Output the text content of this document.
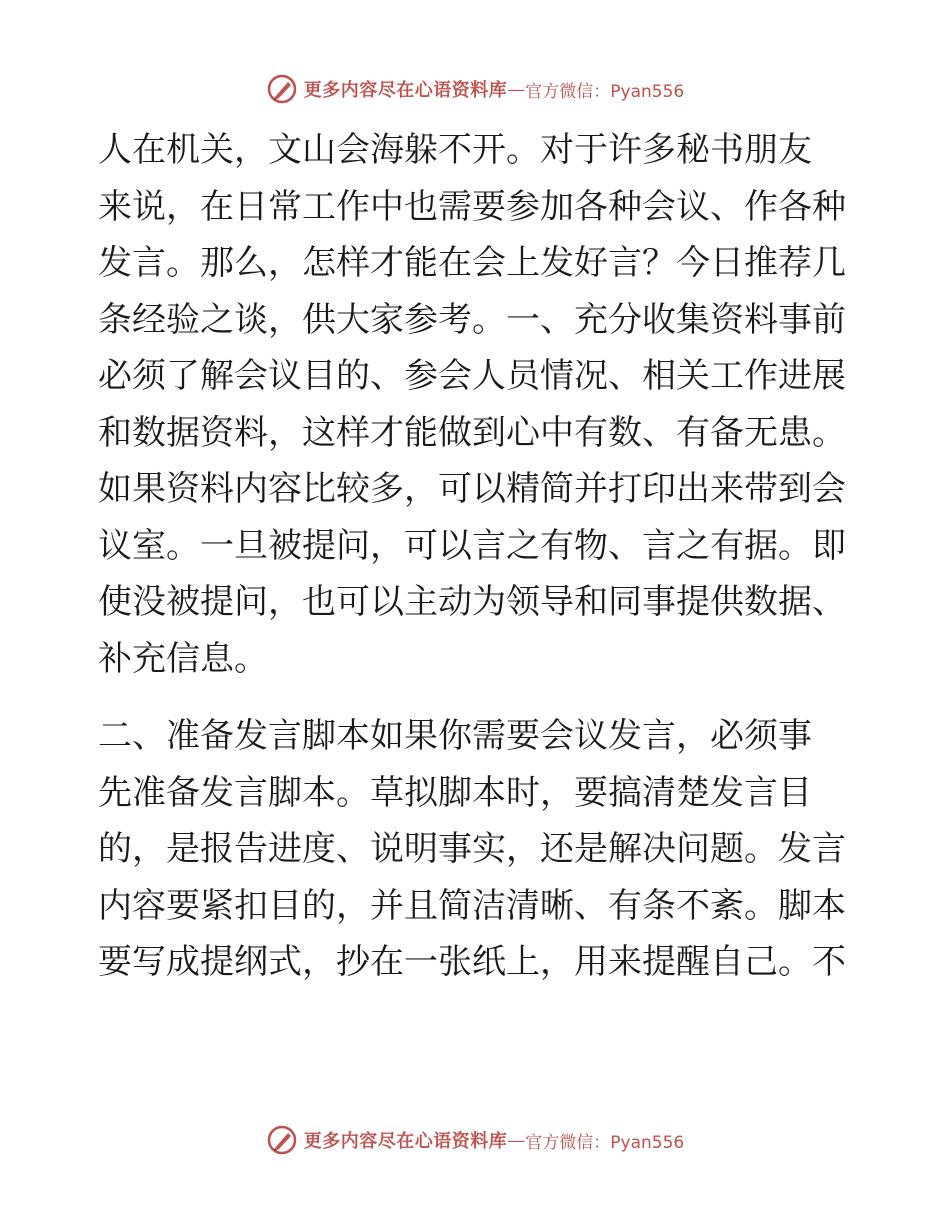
更多内容尽在心语资料库 — 官方微信：Pyan556

人在机关，文山会海躲不开。对于许多秘书朋友
来说，在日常工作中也需要参加各种会议、作各种
发言。那么，怎样才能在会上发好言？今日推荐几
条经验之谈，供大家参考。一、充分收集资料事前
必须了解会议目的、参会人员情况、相关工作进展
和数据资料，这样才能做到心中有数、有备无患。
如果资料内容比较多，可以精简并打印出来带到会
议室。一旦被提问，可以言之有物、言之有据。即
使没被提问，也可以主动为领导和同事提供数据、
补充信息。

二、准备发言脚本如果你需要会议发言，必须事
先准备发言脚本。草拟脚本时，要搞清楚发言目
的，是报告进度、说明事实，还是解决问题。发言
内容要紧扣目的，并且简洁清晰、有条不紊。脚本
要写成提纲式，抄在一张纸上，用来提醒自己。不

更多内容尽在心语资料库 — 官方微信：Pyan556
